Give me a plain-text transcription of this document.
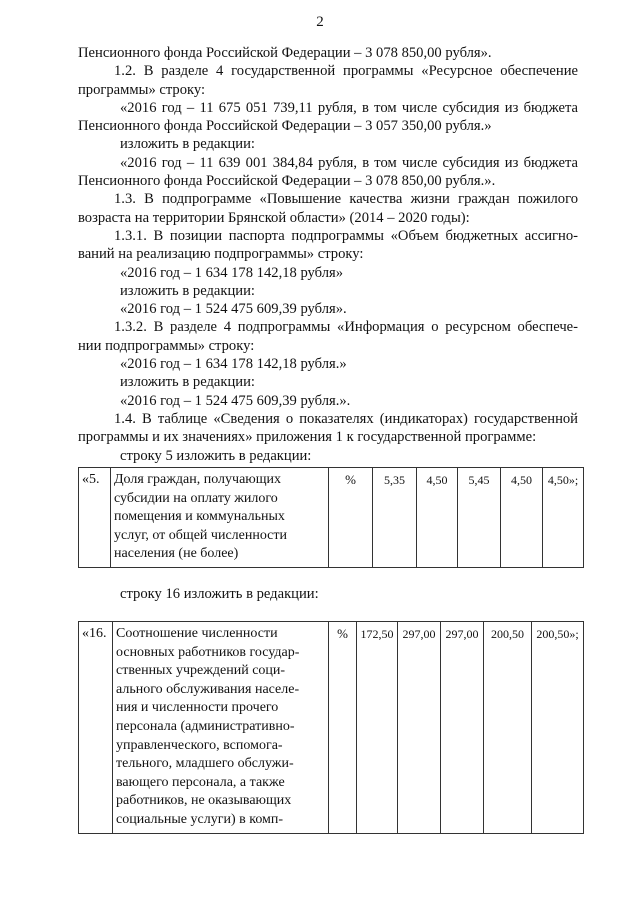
2

Пенсионного фонда Российской Федерации – 3 078 850,00 рубля».

1.2. В разделе 4 государственной программы «Ресурсное обеспечение

программы» строку:

«2016 год – 11 675 051 739,11 рубля, в том числе субсидия из бюджета

Пенсионного фонда Российской Федерации – 3 057 350,00 рубля.»

изложить в редакции:

«2016 год – 11 639 001 384,84 рубля, в том числе субсидия из бюджета

Пенсионного фонда Российской Федерации – 3 078 850,00 рубля.».

1.3. В подпрограмме «Повышение качества жизни граждан пожилого

возраста на территории Брянской области» (2014 – 2020 годы):

1.3.1. В позиции паспорта подпрограммы «Объем бюджетных ассигно-

ваний на реализацию подпрограммы» строку:

«2016 год – 1 634 178 142,18 рубля»

изложить в редакции:

«2016 год – 1 524 475 609,39 рубля».

1.3.2. В разделе 4 подпрограммы «Информация о ресурсном обеспече-

нии подпрограммы» строку:

«2016 год – 1 634 178 142,18 рубля.»

изложить в редакции:

«2016 год – 1 524 475 609,39 рубля.».

1.4. В таблице «Сведения о показателях (индикаторах) государственной

программы и их значениях» приложения 1 к государственной программе:

строку 5 изложить в редакции:

«5.	Доля граждан, получающих
субсидии на оплату жилого
помещения и коммунальных
услуг, от общей численности
населения (не более)
	%	5,35	4,50	5,45	4,50	4,50»;

строку 16 изложить в редакции:

«16.	Соотношение численности
основных работников государ-
ственных учреждений соци-
ального обслуживания населе-
ния и численности прочего
персонала (административно-
управленческого, вспомога-
тельного, младшего обслужи-
вающего персонала, а также
работников, не оказывающих
социальные услуги) в комп-
	%	172,50	297,00	297,00	200,50	200,50»;
